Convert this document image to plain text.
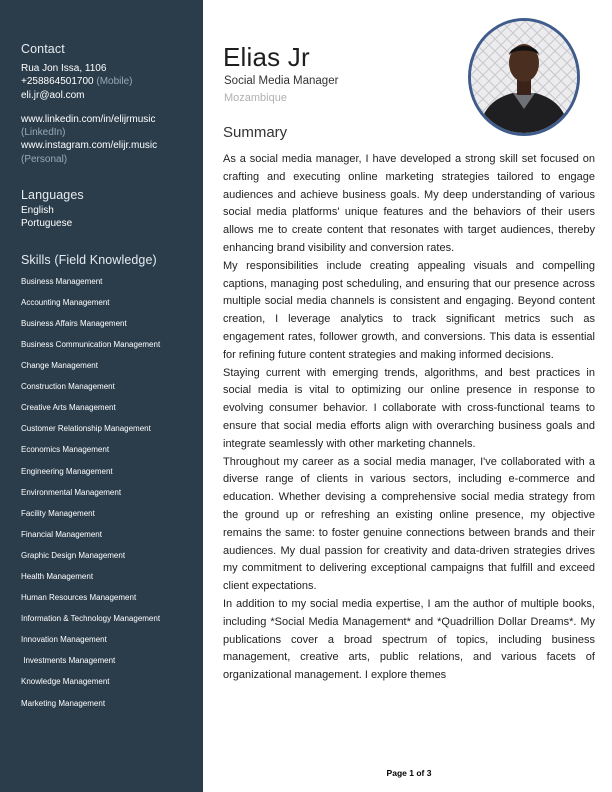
Contact
Rua Jon Issa, 1106
+258864501700 (Mobile)
eli.jr@aol.com
www.linkedin.com/in/elijrmusic
(LinkedIn)
www.instagram.com/elijr.music
(Personal)
Languages
English
Portuguese
Skills (Field Knowledge)
Business Management
Accounting Management
Business Affairs Management
Business Communication Management
Change Management
Construction Management
Creative Arts Management
Customer Relationship Management
Economics Management
Engineering Management
Environmental Management
Facility Management
Financial Management
Graphic Design Management
Health Management
Human Resources Management
Information & Technology Management
Innovation Management
Investments Management
Knowledge Management
Marketing Management
Elias Jr
Social Media Manager
Mozambique
Summary

As a social media manager, I have developed a strong skill set focused on crafting and executing online marketing strategies tailored to engage audiences and achieve business goals. My deep understanding of various social media platforms' unique features and the behaviors of their users allows me to create content that resonates with target audiences, thereby enhancing brand visibility and conversion rates.

My responsibilities include creating appealing visuals and compelling captions, managing post scheduling, and ensuring that our presence across multiple social media channels is consistent and engaging. Beyond content creation, I leverage analytics to track significant metrics such as engagement rates, follower growth, and conversions. This data is essential for refining future content strategies and making informed decisions.

Staying current with emerging trends, algorithms, and best practices in social media is vital to optimizing our online presence in response to evolving consumer behavior. I collaborate with cross-functional teams to ensure that social media efforts align with overarching business goals and integrate seamlessly with other marketing channels.

Throughout my career as a social media manager, I've collaborated with a diverse range of clients in various sectors, including e-commerce and education. Whether devising a comprehensive social media strategy from the ground up or refreshing an existing online presence, my objective remains the same: to foster genuine connections between brands and their audiences. My dual passion for creativity and data-driven strategies drives my commitment to delivering exceptional campaigns that fulfill and exceed client expectations.

In addition to my social media expertise, I am the author of multiple books, including *Social Media Management* and *Quadrillion Dollar Dreams*. My publications cover a broad spectrum of topics, including business management, creative arts, public relations, and various facets of organizational management. I explore themes

Page 1 of 3
